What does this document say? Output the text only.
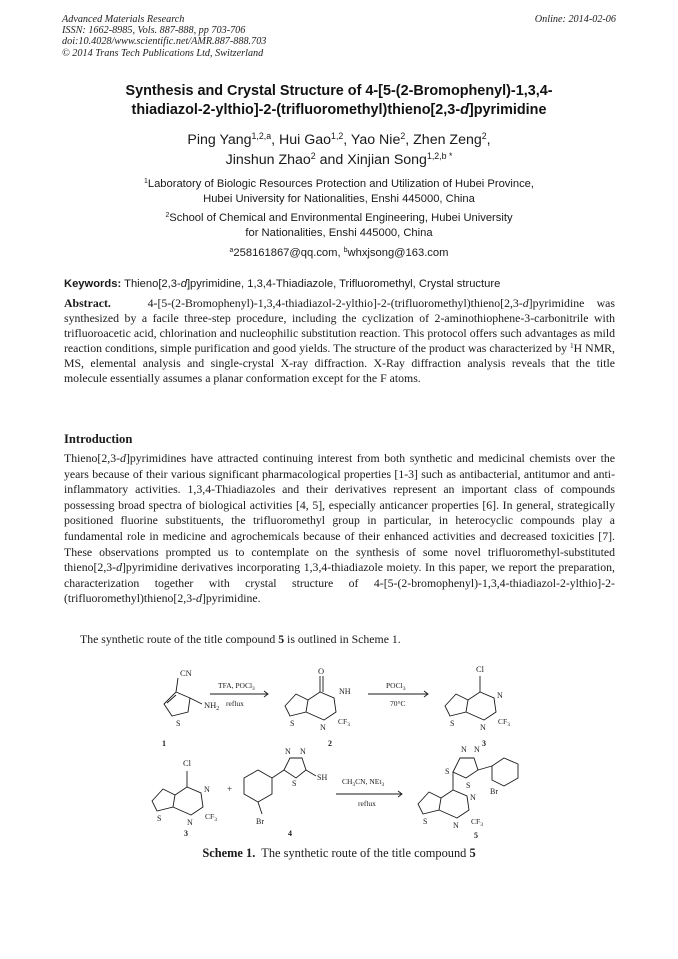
Advanced Materials Research
ISSN: 1662-8985, Vols. 887-888, pp 703-706
doi:10.4028/www.scientific.net/AMR.887-888.703
© 2014 Trans Tech Publications Ltd, Switzerland
Online: 2014-02-06
Synthesis and Crystal Structure of 4-[5-(2-Bromophenyl)-1,3,4-
thiadiazol-2-ylthio]-2-(trifluoromethyl)thieno[2,3-d]pyrimidine
Ping Yang$^{1,2,a}$, Hui Gao$^{1,2}$, Yao Nie$^2$, Zhen Zeng$^2$,
Jinshun Zhao$^2$ and Xinjian Song$^{1,2,b *}$
$^1$Laboratory of Biologic Resources Protection and Utilization of Hubei Province,
Hubei University for Nationalities, Enshi 445000, China
$^2$School of Chemical and Environmental Engineering, Hubei University
for Nationalities, Enshi 445000, China
$^a$258161867@qq.com, $^b$whxjsong@163.com
Keywords: Thieno[2,3-d]pyrimidine, 1,3,4-Thiadiazole, Trifluoromethyl, Crystal structure
Abstract.	4-[5-(2-Bromophenyl)-1,3,4-thiadiazol-2-ylthio]-2-(trifluoromethyl)thieno[2,3-d]pyrimidine was synthesized by a facile three-step procedure, including the cyclization of 2-aminothiophene-3-carbonitrile with trifluoroacetic acid, chlorination and nucleophilic substitution reaction. This protocol offers such advantages as mild reaction conditions, simple purification and good yields. The structure of the product was characterized by $^1$H NMR, MS, elemental analysis and single-crystal X-ray diffraction. X-Ray diffraction analysis reveals that the title molecule essentially assumes a planar conformation except for the F atoms.
Introduction
Thieno[2,3-d]pyrimidines have attracted continuing interest from both synthetic and medicinal chemists over the years because of their various significant pharmacological properties [1-3] such as antibacterial, antitumor and anti-inflammatory activities. 1,3,4-Thiadiazoles and their derivatives represent an important class of compounds possessing broad spectra of biological activities [4, 5], especially anticancer properties [6]. In general, strategically positioned fluorine substituents, the trifluoromethyl group in particular, in heterocyclic compounds play a fundamental role in medicine and agrochemicals because of their enhanced activities and decreased toxicities [7]. These observations prompted us to contemplate on the synthesis of some novel trifluoromethyl-substituted thieno[2,3-d]pyrimidine derivatives incorporating 1,3,4-thiadiazole moiety. In this paper, we report the preparation, characterization together with crystal structure of 4-[5-(2-bromophenyl)-1,3,4-thiadiazol-2-ylthio]-2-(trifluoromethyl)thieno[2,3-d]pyrimidine.
The synthetic route of the title compound 5 is outlined in Scheme 1.
CN
$NH_2$
S
TFA, POCl$_3$
reflux
O
NH
S	N
$CF_3$
POCl$_3$
70°C
Cl
N
S	N
$CF_3$
Cl
N
S	N
$CF_3$
+
N N
S
SH
Br
$CH_3CN$, NEt$_3$
reflux
N N
S
S
Br
N
S	N $CF_3$
1	2	3
3	4	5
Scheme 1. The synthetic route of the title compound 5
